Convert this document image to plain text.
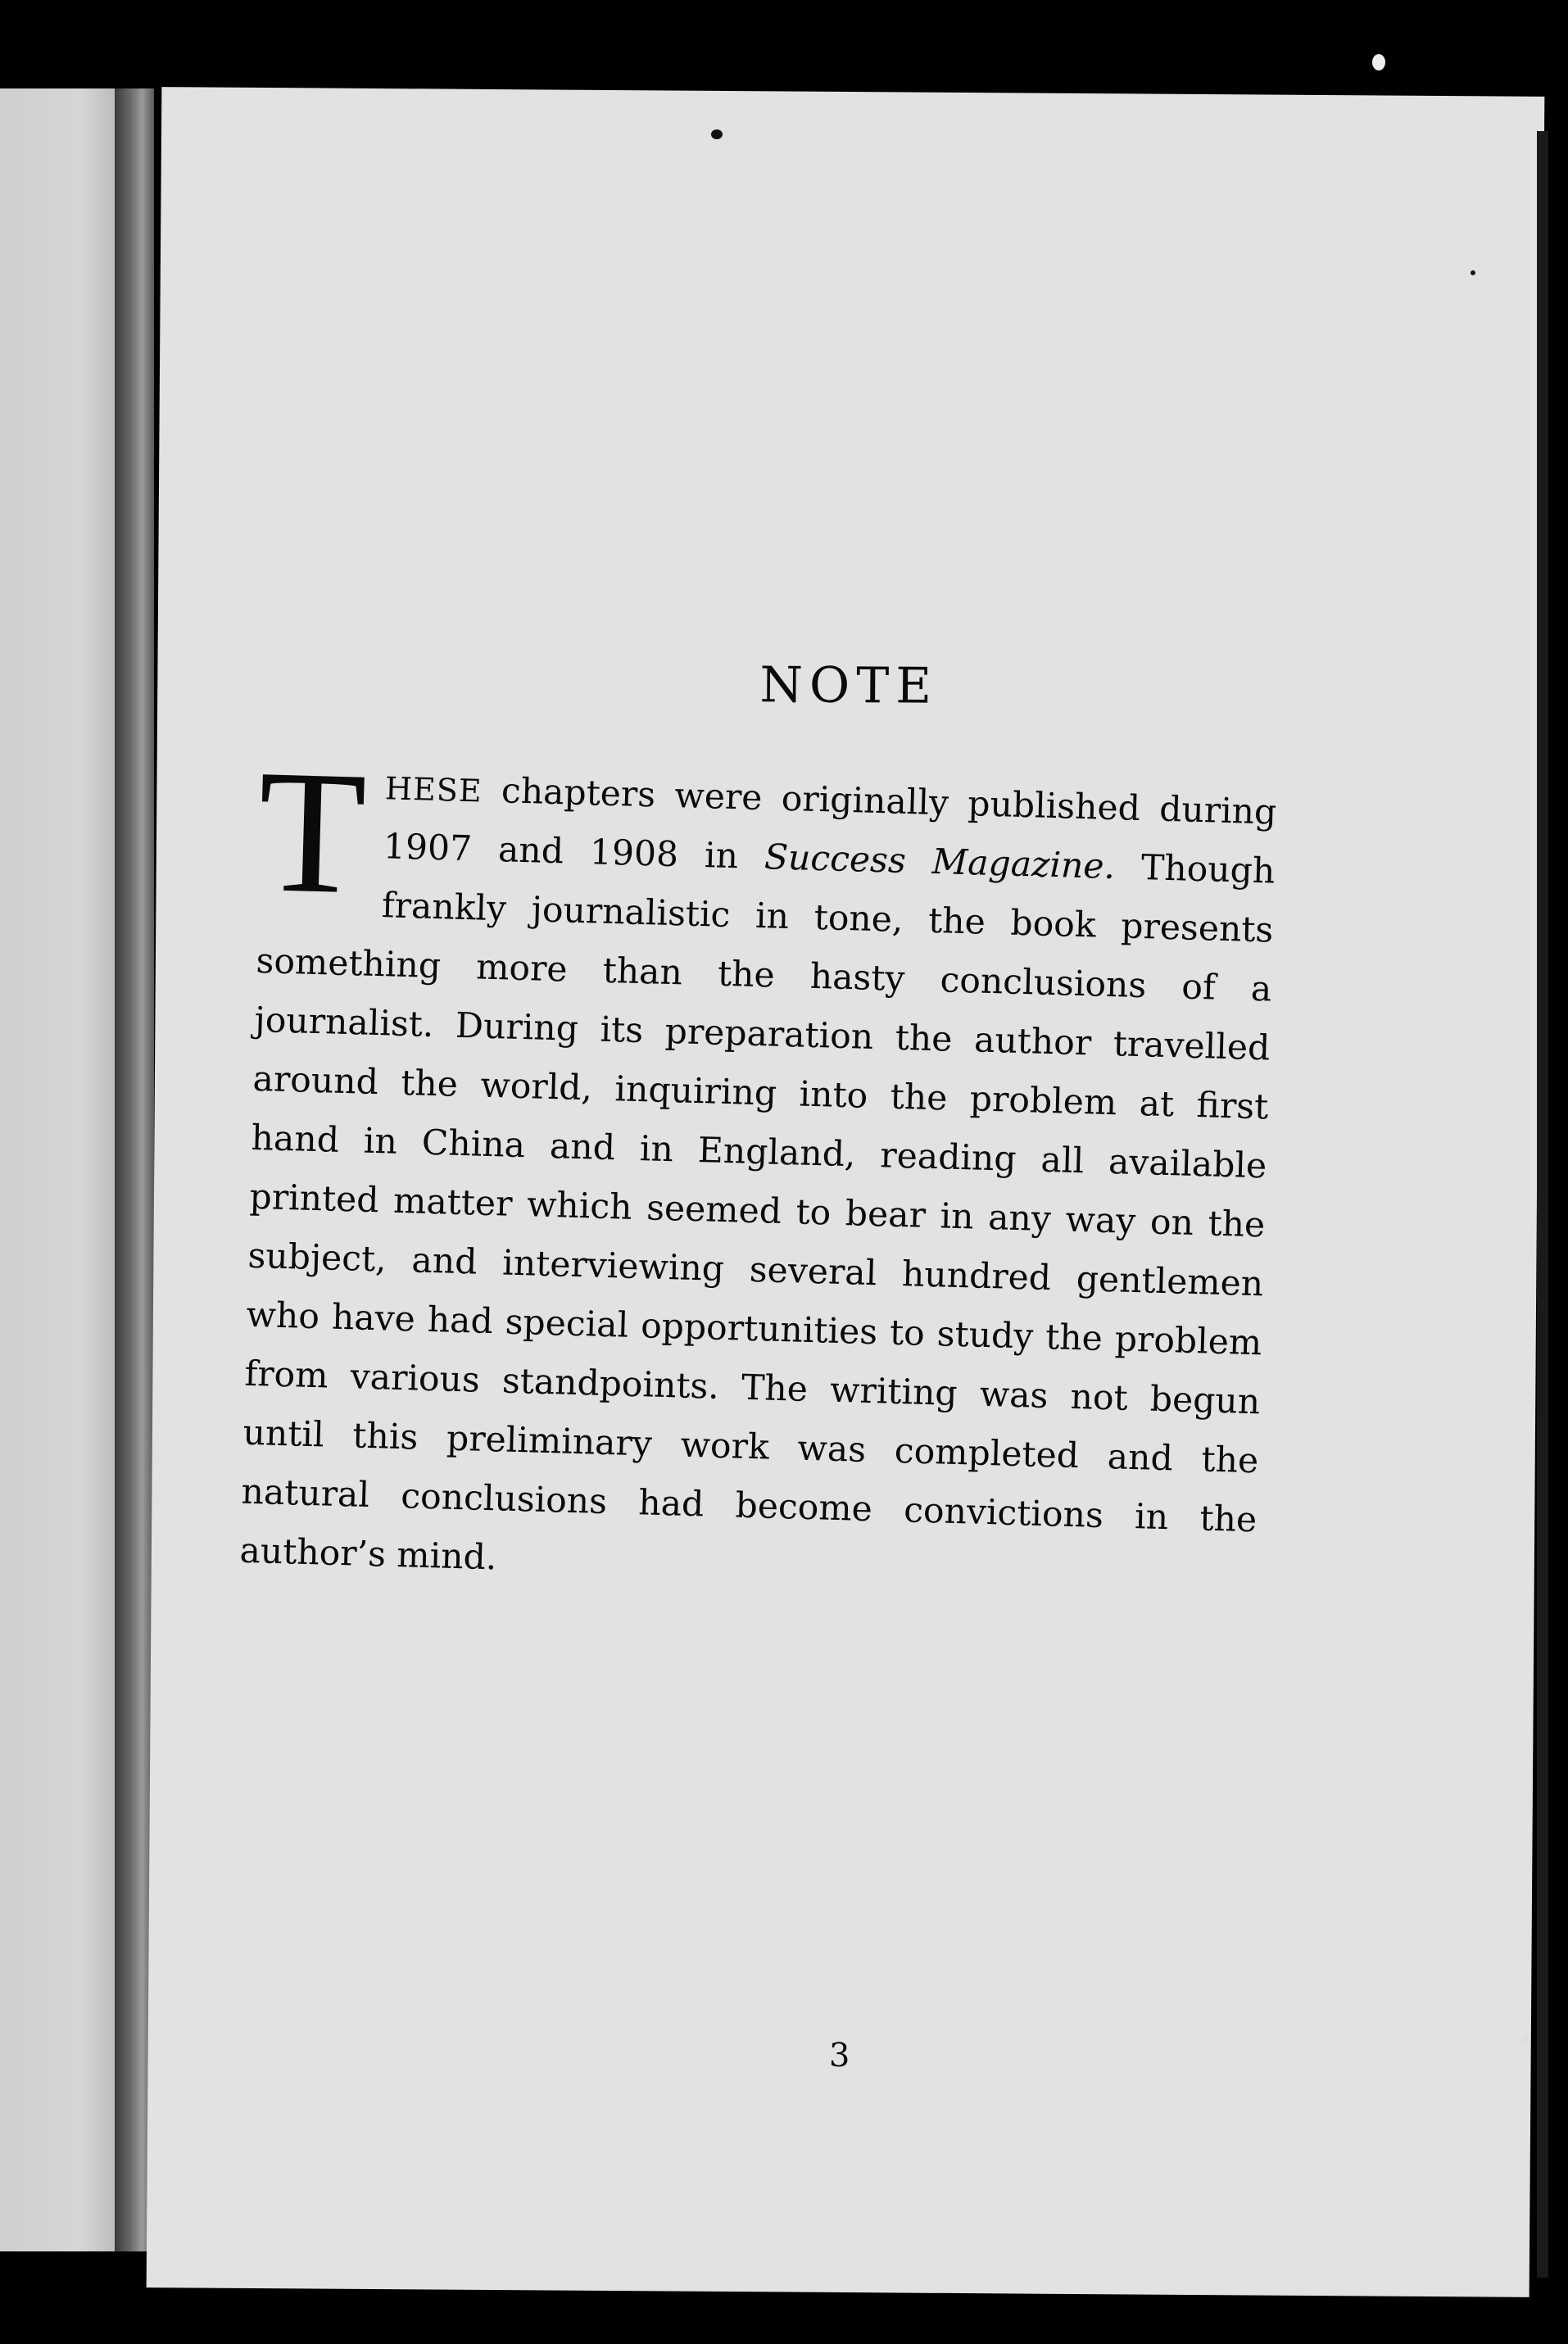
NOTE
THESE chapters were originally published during 1907 and 1908 in Success Magazine. Though frankly journalistic in tone, the book presents something more than the hasty conclusions of a journalist. During its preparation the author travelled around the world, inquiring into the problem at first hand in China and in England, reading all available printed matter which seemed to bear in any way on the subject, and interviewing several hundred gentlemen who have had special opportunities to study the problem from various standpoints. The writing was not begun until this preliminary work was completed and the natural conclusions had become convictions in the author’s mind.
3
